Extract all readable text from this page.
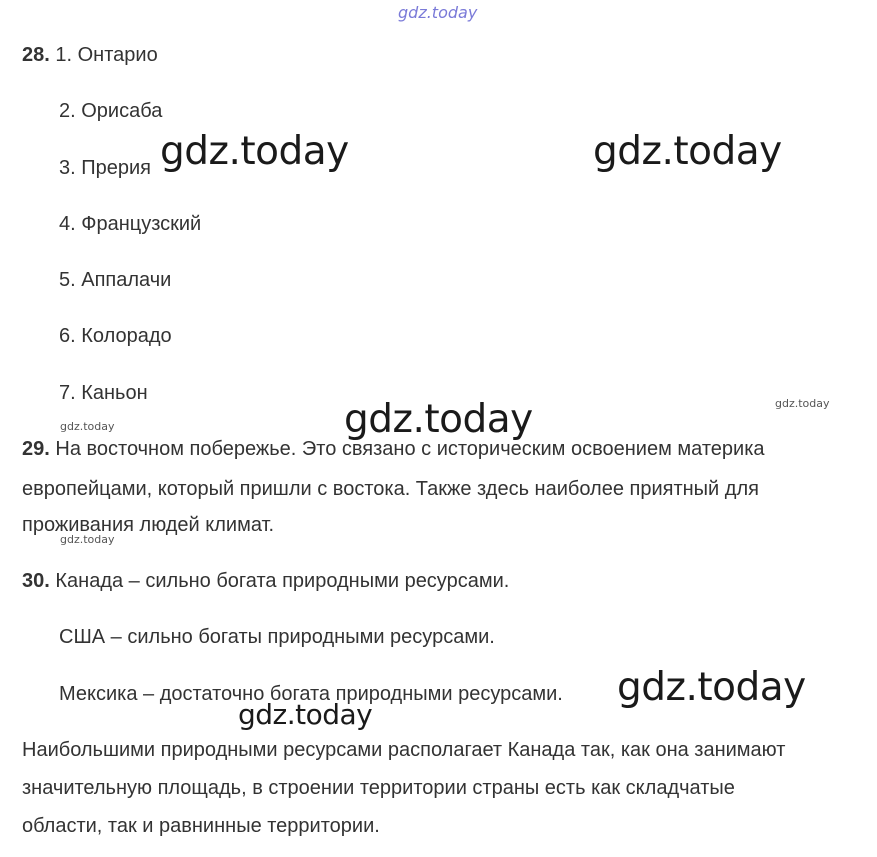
gdz.today
28. 1. Онтарио
2. Орисаба
3. Прерия
4. Французский
5. Аппалачи
6. Колорадо
7. Каньон
gdz.today	gdz.today
gdz.today	gdz.today
gdz.today
gdz.today
29. На восточном побережье. Это связано с историческим освоением материка
европейцами, который пришли с востока. Также здесь наиболее приятный для
проживания людей климат.
30. Канада – сильно богата природными ресурсами.
США – сильно богаты природными ресурсами.
Мексика – достаточно богата природными ресурсами. gdz.today
gdz.today
Наибольшими природными ресурсами располагает Канада так, как она занимают
значительную площадь, в строении территории страны есть как складчатые
области, так и равнинные территории.
